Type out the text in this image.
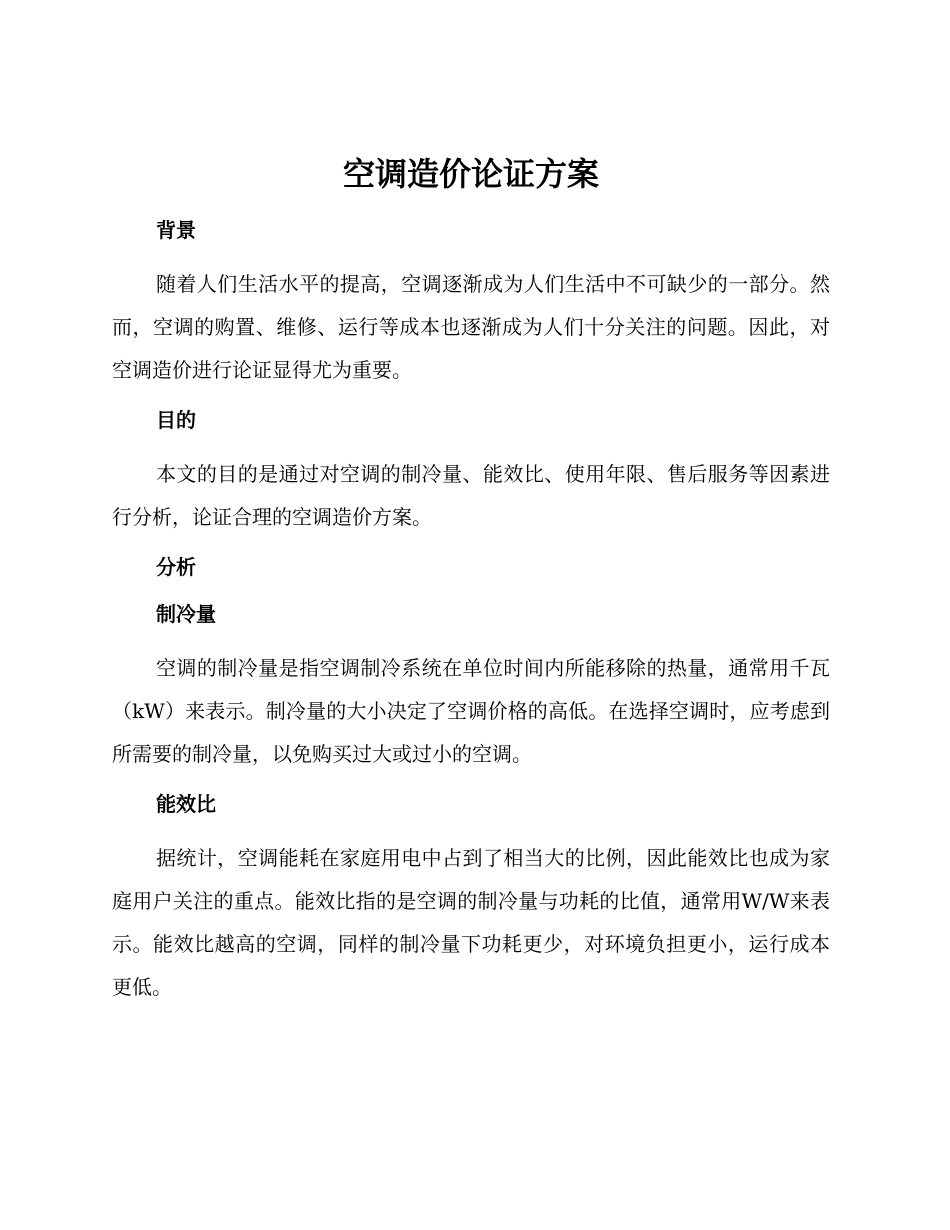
空调造价论证方案
背景

随着人们生活水平的提高，空调逐渐成为人们生活中不可缺少的一部分。然而，空调的购置、维修、运行等成本也逐渐成为人们十分关注的问题。因此，对空调造价进行论证显得尤为重要。

目的

本文的目的是通过对空调的制冷量、能效比、使用年限、售后服务等因素进行分析，论证合理的空调造价方案。

分析
制冷量

空调的制冷量是指空调制冷系统在单位时间内所能移除的热量，通常用千瓦（kW）来表示。制冷量的大小决定了空调价格的高低。在选择空调时，应考虑到所需要的制冷量，以免购买过大或过小的空调。

能效比

据统计，空调能耗在家庭用电中占到了相当大的比例，因此能效比也成为家庭用户关注的重点。能效比指的是空调的制冷量与功耗的比值，通常用W/W来表示。能效比越高的空调，同样的制冷量下功耗更少，对环境负担更小，运行成本更低。
